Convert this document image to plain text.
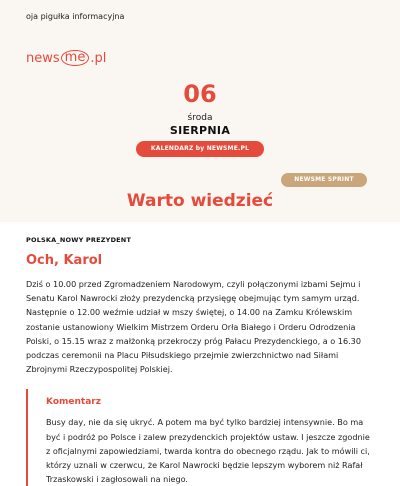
oja pigułka informacyjna
news me .pl
06
środa
SIERPNIA
KALENDARZ by NEWSME.PL
NEWSME SPRINT
Warto wiedzieć
POLSKA_NOWY PREZYDENT
Och, Karol
Dziś o 10.00 przed Zgromadzeniem Narodowym, czyli połączonymi izbami Sejmu i Senatu Karol Nawrocki złoży prezydencką przysięgę obejmując tym samym urząd. Następnie o 12.00 weźmie udział w mszy świętej, o 14.00 na Zamku Królewskim zostanie ustanowiony Wielkim Mistrzem Orderu Orła Białego i Orderu Odrodzenia Polski, o 15.15 wraz z małżonką przekroczy próg Pałacu Prezydenckiego, a o 16.30 podczas ceremonii na Placu Piłsudskiego przejmie zwierzchnictwo nad Siłami Zbrojnymi Rzeczypospolitej Polskiej.
Komentarz
Busy day, nie da się ukryć. A potem ma być tylko bardziej intensywnie. Bo ma być i podróż po Polsce i zalew prezydenckich projektów ustaw. I jeszcze zgodnie z oficjalnymi zapowiedziami, twarda kontra do obecnego rządu. Jak to mówili ci, którzy uznali w czerwcu, że Karol Nawrocki będzie lepszym wyborem niż Rafał Trzaskowski i zagłosowali na niego.
